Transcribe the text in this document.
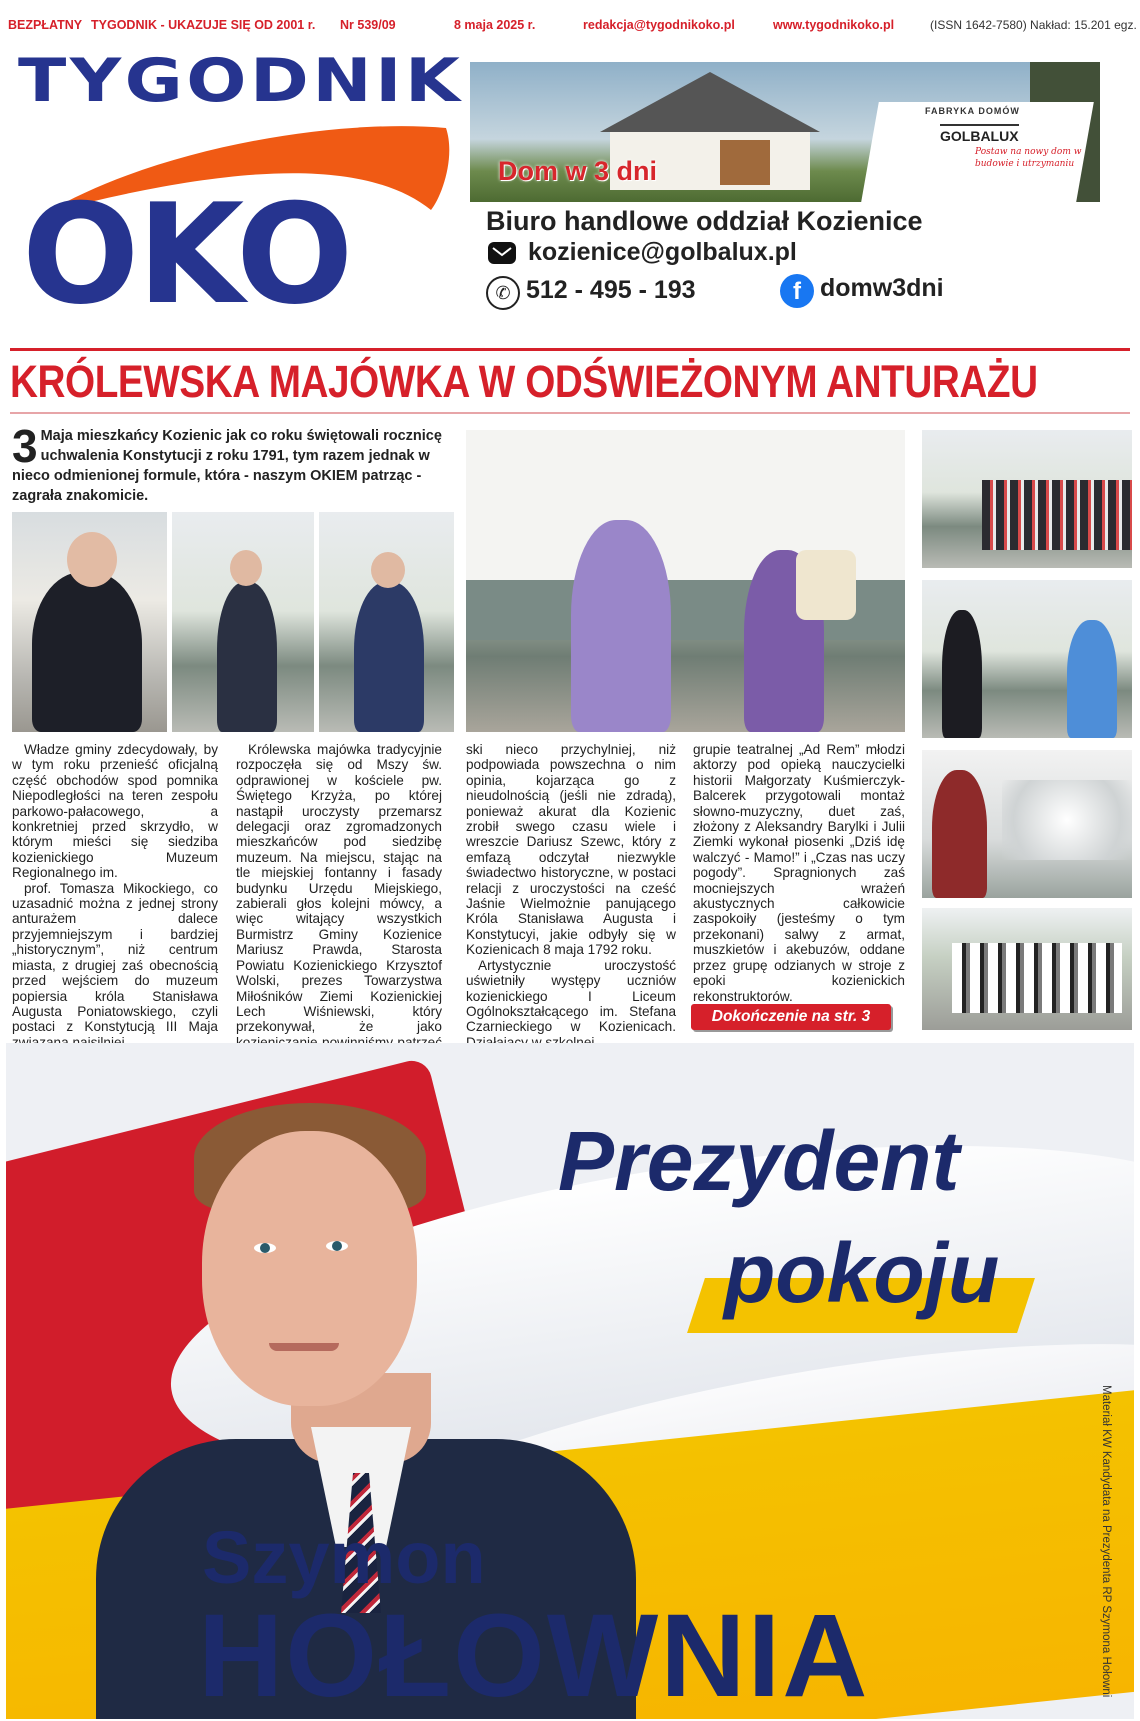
BEZPŁATNY TYGODNIK - UKAZUJE SIĘ OD 2001 r. Nr 539/09	8 maja 2025 r.	redakcja@tygodnikoko.pl	www.tygodnikoko.pl	(ISSN 1642-7580) Nakład: 15.201 egz.
TYGODNIK
OKO
FABRYKA DOMÓW
GOLBALUX
Postaw na nowy dom w budowie i utrzymaniu
Dom w 3 dni
Biuro handlowe oddział Kozienice
kozienice@golbalux.pl
✆ 512 - 495 - 193	f domw3dni
KRÓLEWSKA MAJÓWKA W ODŚWIEŻONYM ANTURAŻU
3 Maja mieszkańcy Kozienic jak co roku świętowali rocznicę uchwalenia Konstytucji z roku 1791, tym razem jednak w nieco odmienionej formule, która - naszym OKIEM patrząc - zagrała znakomicie.

Władze gminy zdecydowały, by w tym roku przenieść oficjalną część obchodów spod pomnika Niepodległości na teren zespołu parkowo-pałacowego, a konkretniej przed skrzydło, w którym mieści się siedziba kozienickiego Muzeum Regionalnego im.

prof. Tomasza Mikockiego, co uzasadnić można z jednej strony anturażem dalece przyjemniejszym i bardziej „historycznym”, niż centrum miasta, z drugiej zaś obecnością przed wejściem do muzeum popiersia króla Stanisława Augusta Poniatowskiego, czyli postaci z Konstytucją III Maja

Królewska majówka tradycyjnie rozpoczęła się od Mszy św. odprawionej w kościele pw. Świętego Krzyża, po której nastąpił uroczysty przemarsz delegacji oraz zgromadzonych mieszkańców pod siedzibę muzeum. Na miejscu, stając na tle miejskiej fontanny i fasady budynku Urzędu Miejskiego, zabierali głos kolejni mówcy, a więc witający wszystkich Burmistrz Gminy Kozienice Mariusz Prawda, Starosta Powiatu Kozienickiego Krzysztof Wolski, prezes Towarzystwa Miłośników Ziemi Kozienickiej Lech Wiśniewski, który przekonywał, że jako

ski nieco przychylniej, niż podpowiada powszechna o nim opinia, kojarząca go z nieudolnością (jeśli nie zdradą), ponieważ akurat dla Kozienic zrobił swego czasu wiele i wreszcie Dariusz Szewc, który z emfazą odczytał niezwykle świadectwo historyczne, w postaci relacji z uroczystości na cześć Jaśnie Wielmożnie panującego Króla Stanisława Augusta i Konstytucyi, jakie odbyły się w Kozienicach 8 maja 1792 roku.

Artystycznie uroczystość uświetniły występy uczniów kozienickiego I Liceum Ogólnokształcącego im. Stefana Czarnieckiego w Kozienicach.

grupie teatralnej „Ad Rem” młodzi aktorzy pod opieką nauczycielki historii Małgorzaty Kuśmierczyk-Balcerek przygotowali montaż słowno-muzyczny, duet zaś, złożony z Aleksandry Barylki i Julii Ziemki wykonał piosenki „Dziś idę walczyć - Mamo!” i „Czas nas uczy pogody”. Spragnionych zaś mocniejszych wrażeń akustycznych całkowicie zaspokoiły (jesteśmy o tym przekonani) salwy z armat, muszkietów i akebuzów, oddane przez grupę odzianych w stroje z epoki kozienickich rekonstruktorów.

Dokończenie na str. 3
Prezydent
pokoju
Szymon
HOŁOWNIA	Materiał KW Kandydata na Prezydenta RP Szymona Hołowni
